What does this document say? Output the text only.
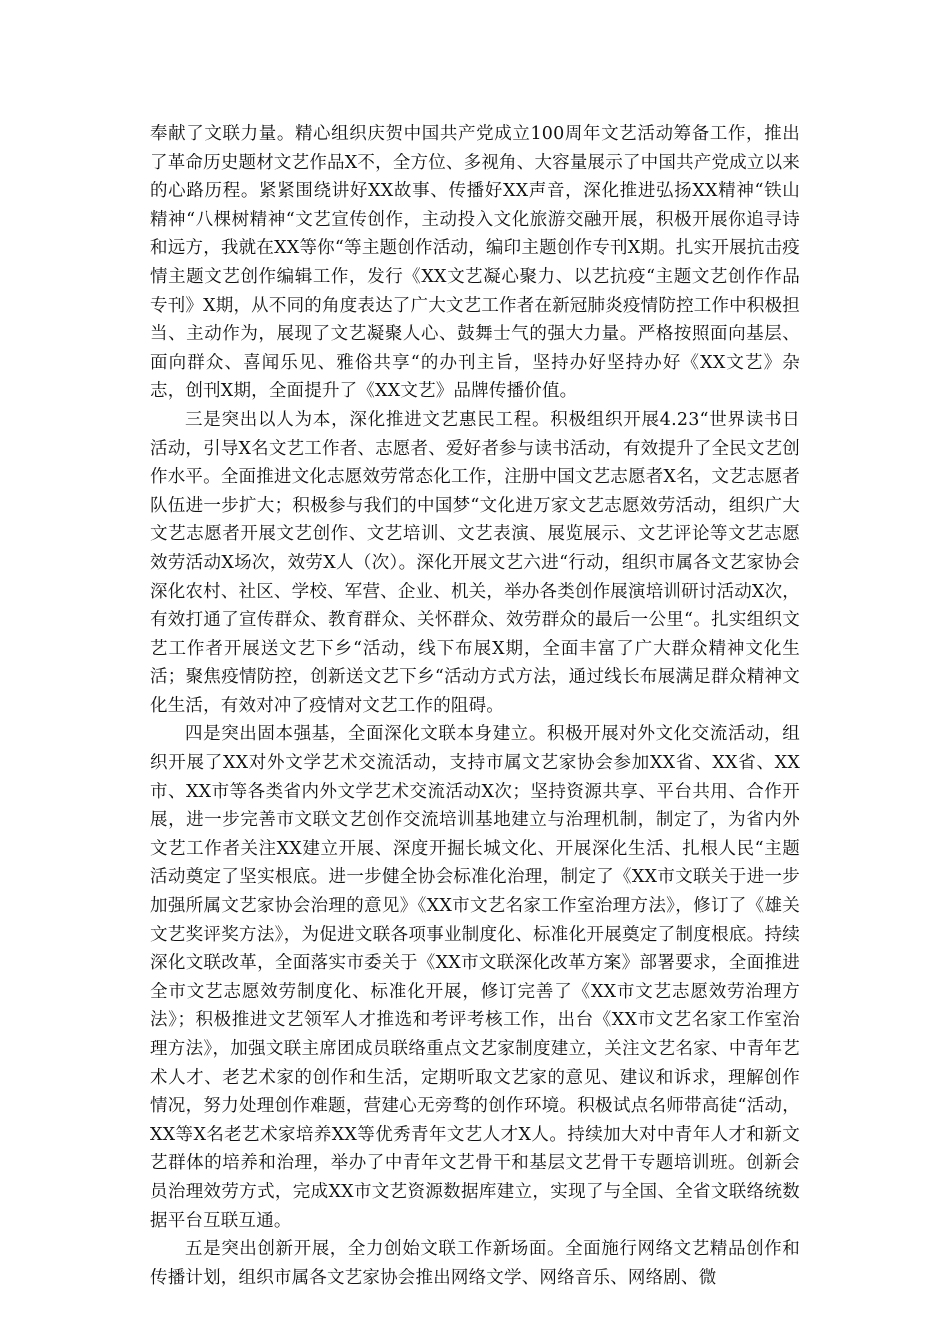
奉献了文联力量。精心组织庆贺中国共产党成立100周年文艺活动筹备工作，推出了革命历史题材文艺作品X不，全方位、多视角、大容量展示了中国共产党成立以来的心路历程。紧紧围绕讲好XX故事、传播好XX声音，深化推进弘扬XX精神“铁山精神“八棵树精神“文艺宣传创作，主动投入文化旅游交融开展，积极开展你追寻诗和远方，我就在XX等你“等主题创作活动，编印主题创作专刊X期。扎实开展抗击疫情主题文艺创作编辑工作，发行《XX文艺凝心聚力、以艺抗疫“主题文艺创作作品专刊》X期，从不同的角度表达了广大文艺工作者在新冠肺炎疫情防控工作中积极担当、主动作为，展现了文艺凝聚人心、鼓舞士气的强大力量。严格按照面向基层、面向群众、喜闻乐见、雅俗共享“的办刊主旨，坚持办好坚持办好《XX文艺》杂志，创刊X期，全面提升了《XX文艺》品牌传播价值。

三是突出以人为本，深化推进文艺惠民工程。积极组织开展4.23“世界读书日活动，引导X名文艺工作者、志愿者、爱好者参与读书活动，有效提升了全民文艺创作水平。全面推进文化志愿效劳常态化工作，注册中国文艺志愿者X名，文艺志愿者队伍进一步扩大；积极参与我们的中国梦“文化进万家文艺志愿效劳活动，组织广大文艺志愿者开展文艺创作、文艺培训、文艺表演、展览展示、文艺评论等文艺志愿效劳活动X场次，效劳X人（次）。深化开展文艺六进“行动，组织市属各文艺家协会深化农村、社区、学校、军营、企业、机关，举办各类创作展演培训研讨活动X次，有效打通了宣传群众、教育群众、关怀群众、效劳群众的最后一公里“。扎实组织文艺工作者开展送文艺下乡“活动，线下布展X期，全面丰富了广大群众精神文化生活；聚焦疫情防控，创新送文艺下乡“活动方式方法，通过线长布展满足群众精神文化生活，有效对冲了疫情对文艺工作的阻碍。

四是突出固本强基，全面深化文联本身建立。积极开展对外文化交流活动，组织开展了XX对外文学艺术交流活动，支持市属文艺家协会参加XX省、XX省、XX市、XX市等各类省内外文学艺术交流活动X次；坚持资源共享、平台共用、合作开展，进一步完善市文联文艺创作交流培训基地建立与治理机制，制定了，为省内外文艺工作者关注XX建立开展、深度开掘长城文化、开展深化生活、扎根人民“主题活动奠定了坚实根底。进一步健全协会标准化治理，制定了《XX市文联关于进一步加强所属文艺家协会治理的意见》《XX市文艺名家工作室治理方法》，修订了《雄关文艺奖评奖方法》，为促进文联各项事业制度化、标准化开展奠定了制度根底。持续深化文联改革，全面落实市委关于《XX市文联深化改革方案》部署要求，全面推进全市文艺志愿效劳制度化、标准化开展，修订完善了《XX市文艺志愿效劳治理方法》；积极推进文艺领军人才推选和考评考核工作，出台《XX市文艺名家工作室治理方法》，加强文联主席团成员联络重点文艺家制度建立，关注文艺名家、中青年艺术人才、老艺术家的创作和生活，定期听取文艺家的意见、建议和诉求，理解创作情况，努力处理创作难题，营建心无旁骛的创作环境。积极试点名师带高徒“活动，XX等X名老艺术家培养XX等优秀青年文艺人才X人。持续加大对中青年人才和新文艺群体的培养和治理，举办了中青年文艺骨干和基层文艺骨干专题培训班。创新会员治理效劳方式，完成XX市文艺资源数据库建立，实现了与全国、全省文联络统数据平台互联互通。

五是突出创新开展，全力创始文联工作新场面。全面施行网络文艺精品创作和传播计划，组织市属各文艺家协会推出网络文学、网络音乐、网络剧、微
